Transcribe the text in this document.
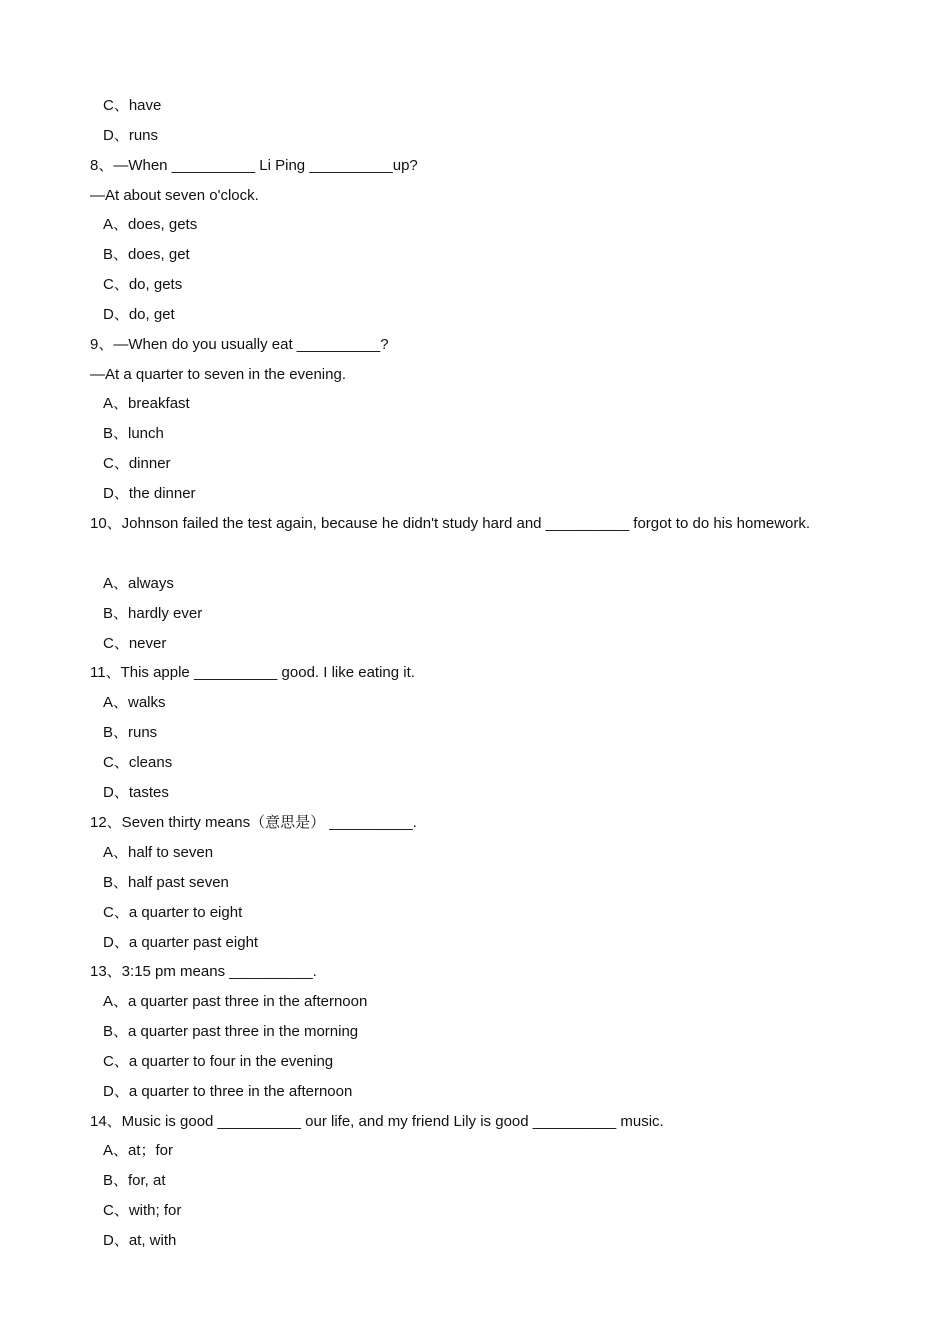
C、have
D、runs
8、—When __________ Li Ping __________up?
—At about seven o'clock.
A、does, gets
B、does, get
C、do, gets
D、do, get
9、—When do you usually eat __________?
—At a quarter to seven in the evening.
A、breakfast
B、lunch
C、dinner
D、the dinner
10、Johnson failed the test again, because he didn't study hard and __________ forgot to do his homework.
A、always
B、hardly ever
C、never
11、This apple __________ good. I like eating it.
A、walks
B、runs
C、cleans
D、tastes
12、Seven thirty means（意思是） __________.
A、half to seven
B、half past seven
C、a quarter to eight
D、a quarter past eight
13、3:15 pm means __________.
A、a quarter past three in the afternoon
B、a quarter past three in the morning
C、a quarter to four in the evening
D、a quarter to three in the afternoon
14、Music is good __________ our life, and my friend Lily is good __________ music.
A、at；for
B、for, at
C、with; for
D、at, with
